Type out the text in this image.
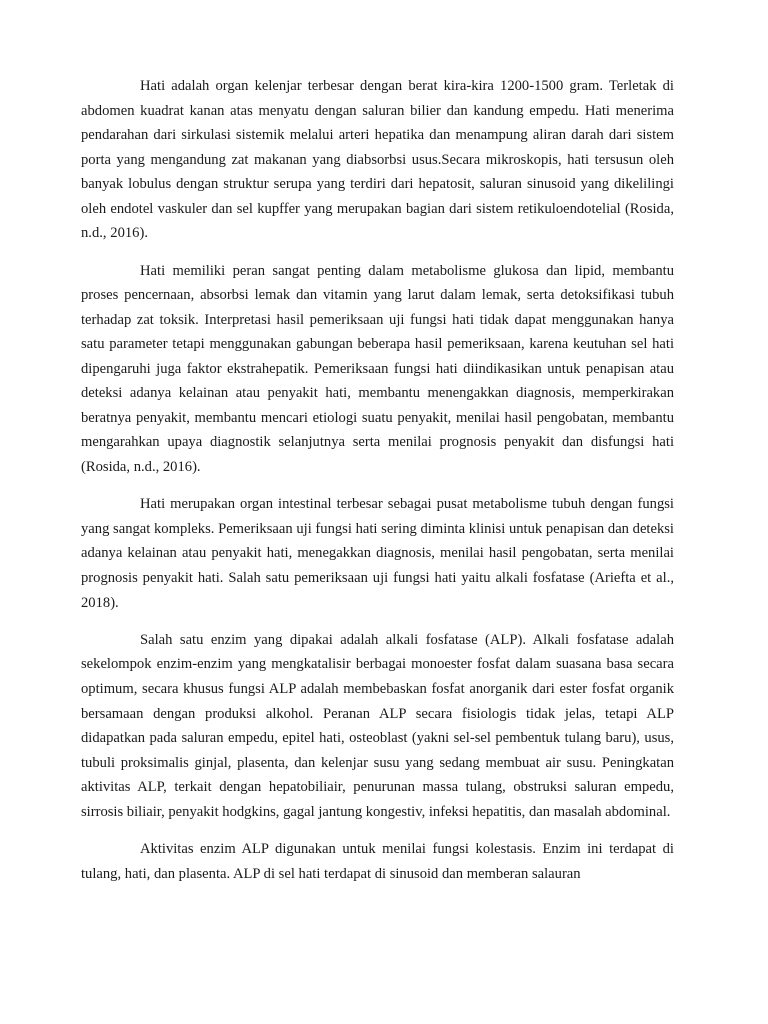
Hati adalah organ kelenjar terbesar dengan berat kira-kira 1200-1500 gram. Terletak di abdomen kuadrat kanan atas menyatu dengan saluran bilier dan kandung empedu. Hati menerima pendarahan dari sirkulasi sistemik melalui arteri hepatika dan menampung aliran darah dari sistem porta yang mengandung zat makanan yang diabsorbsi usus.Secara mikroskopis, hati tersusun oleh banyak lobulus dengan struktur serupa yang terdiri dari hepatosit, saluran sinusoid yang dikelilingi oleh endotel vaskuler dan sel kupffer yang merupakan bagian dari sistem retikuloendotelial (Rosida, n.d., 2016).

Hati memiliki peran sangat penting dalam metabolisme glukosa dan lipid, membantu proses pencernaan, absorbsi lemak dan vitamin yang larut dalam lemak, serta detoksifikasi tubuh terhadap zat toksik. Interpretasi hasil pemeriksaan uji fungsi hati tidak dapat menggunakan hanya satu parameter tetapi menggunakan gabungan beberapa hasil pemeriksaan, karena keutuhan sel hati dipengaruhi juga faktor ekstrahepatik. Pemeriksaan fungsi hati diindikasikan untuk penapisan atau deteksi adanya kelainan atau penyakit hati, membantu menengakkan diagnosis, memperkirakan beratnya penyakit, membantu mencari etiologi suatu penyakit, menilai hasil pengobatan, membantu mengarahkan upaya diagnostik selanjutnya serta menilai prognosis penyakit dan disfungsi hati (Rosida, n.d., 2016).

Hati merupakan organ intestinal terbesar sebagai pusat metabolisme tubuh dengan fungsi yang sangat kompleks. Pemeriksaan uji fungsi hati sering diminta klinisi untuk penapisan dan deteksi adanya kelainan atau penyakit hati, menegakkan diagnosis, menilai hasil pengobatan, serta menilai prognosis penyakit hati. Salah satu pemeriksaan uji fungsi hati yaitu alkali fosfatase (Ariefta et al., 2018).

Salah satu enzim yang dipakai adalah alkali fosfatase (ALP). Alkali fosfatase adalah sekelompok enzim-enzim yang mengkatalisir berbagai monoester fosfat dalam suasana basa secara optimum, secara khusus fungsi ALP adalah membebaskan fosfat anorganik dari ester fosfat organik bersamaan dengan produksi alkohol. Peranan ALP secara fisiologis tidak jelas, tetapi ALP didapatkan pada saluran empedu, epitel hati, osteoblast (yakni sel-sel pembentuk tulang baru), usus, tubuli proksimalis ginjal, plasenta, dan kelenjar susu yang sedang membuat air susu. Peningkatan aktivitas ALP, terkait dengan hepatobiliair, penurunan massa tulang, obstruksi saluran empedu, sirrosis biliair, penyakit hodgkins, gagal jantung kongestiv, infeksi hepatitis, dan masalah abdominal.

Aktivitas enzim ALP digunakan untuk menilai fungsi kolestasis. Enzim ini terdapat di tulang, hati, dan plasenta. ALP di sel hati terdapat di sinusoid dan memberan salauran
